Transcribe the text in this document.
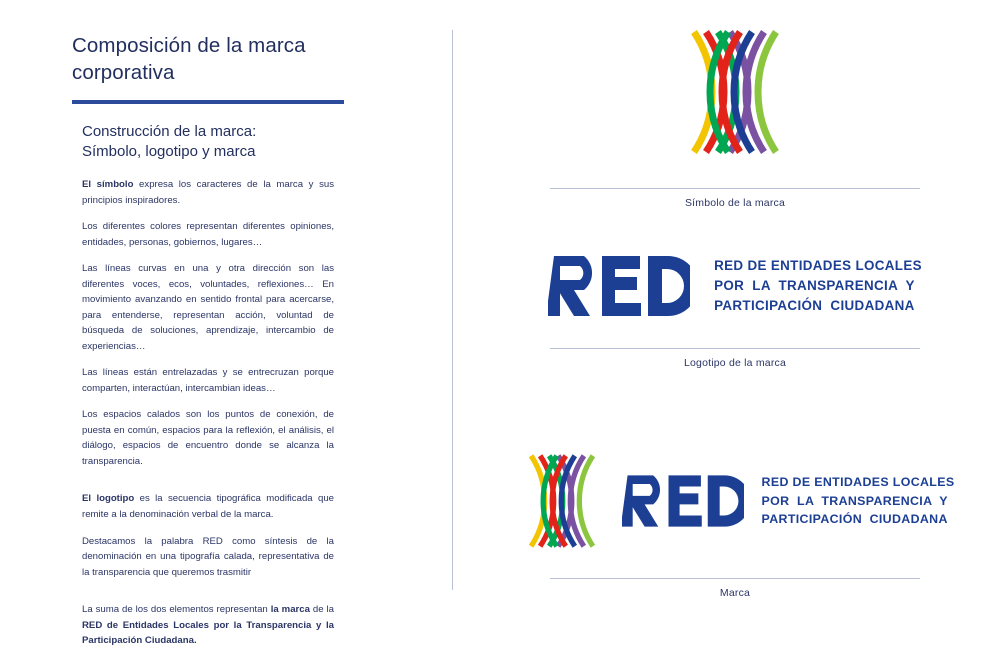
Composición de la marca corporativa
Construcción de la marca:
Símbolo, logotipo y marca

El símbolo expresa los caracteres de la marca y sus principios inspiradores.

Los diferentes colores representan diferentes opiniones, entidades, personas, gobiernos, lugares…

Las líneas curvas en una y otra dirección son las diferentes voces, ecos, voluntades, reflexiones… En movimiento avanzando en sentido frontal para acercarse, para entenderse, representan acción, voluntad de búsqueda de soluciones, aprendizaje, intercambio de experiencias…

Las líneas están entrelazadas y se entrecruzan porque comparten, interactúan, intercambian ideas…

Los espacios calados son los puntos de conexión, de puesta en común, espacios para la reflexión, el análisis, el diálogo, espacios de encuentro donde se alcanza la transparencia.

El logotipo es la secuencia tipográfica modificada que remite a la denominación verbal de la marca.

Destacamos la palabra RED como síntesis de la denominación en una tipografía calada, representativa de la transparencia que queremos trasmitir

La suma de los dos elementos representan la marca de la RED de Entidades Locales por la Transparencia y la Participación Ciudadana.

Símbolo de la marca
RED DE ENTIDADES LOCALES
POR  LA  TRANSPARENCIA  Y
PARTICIPACIÓN  CIUDADANA
Logotipo de la marca
RED DE ENTIDADES LOCALES
POR  LA  TRANSPARENCIA  Y
PARTICIPACIÓN  CIUDADANA
Marca
